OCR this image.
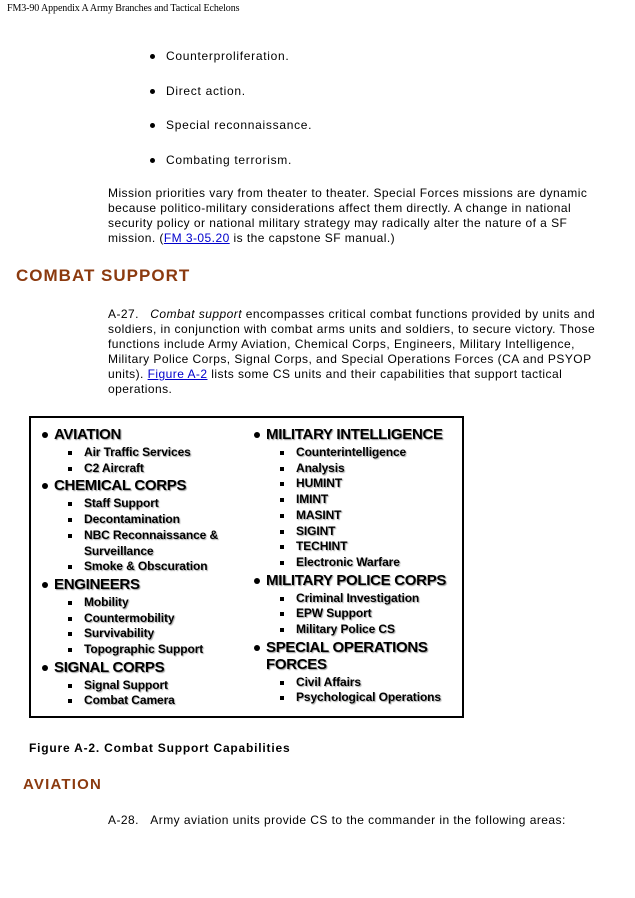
FM3-90 Appendix A Army Branches and Tactical Echelons
Counterproliferation.
Direct action.
Special reconnaissance.
Combating terrorism.

Mission priorities vary from theater to theater. Special Forces missions are dynamic because politico-military considerations affect them directly. A change in national security policy or national military strategy may radically alter the nature of a SF mission. (FM 3-05.20 is the capstone SF manual.)

COMBAT SUPPORT

A-27. Combat support encompasses critical combat functions provided by units and soldiers, in conjunction with combat arms units and soldiers, to secure victory. Those functions include Army Aviation, Chemical Corps, Engineers, Military Intelligence, Military Police Corps, Signal Corps, and Special Operations Forces (CA and PSYOP units). Figure A-2 lists some CS units and their capabilities that support tactical operations.

AVIATION
Air Traffic Services
C2 Aircraft
CHEMICAL CORPS
Staff Support
Decontamination
NBC Reconnaissance & Surveillance
Smoke & Obscuration
ENGINEERS
Mobility
Countermobility
Survivability
Topographic Support
SIGNAL CORPS
Signal Support
Combat Camera
MILITARY INTELLIGENCE
Counterintelligence
Analysis
HUMINT
IMINT
MASINT
SIGINT
TECHINT
Electronic Warfare
MILITARY POLICE CORPS
Criminal Investigation
EPW Support
Military Police CS
SPECIAL OPERATIONS FORCES
Civil Affairs
Psychological Operations

Figure A-2. Combat Support Capabilities

AVIATION

A-28. Army aviation units provide CS to the commander in the following areas:
